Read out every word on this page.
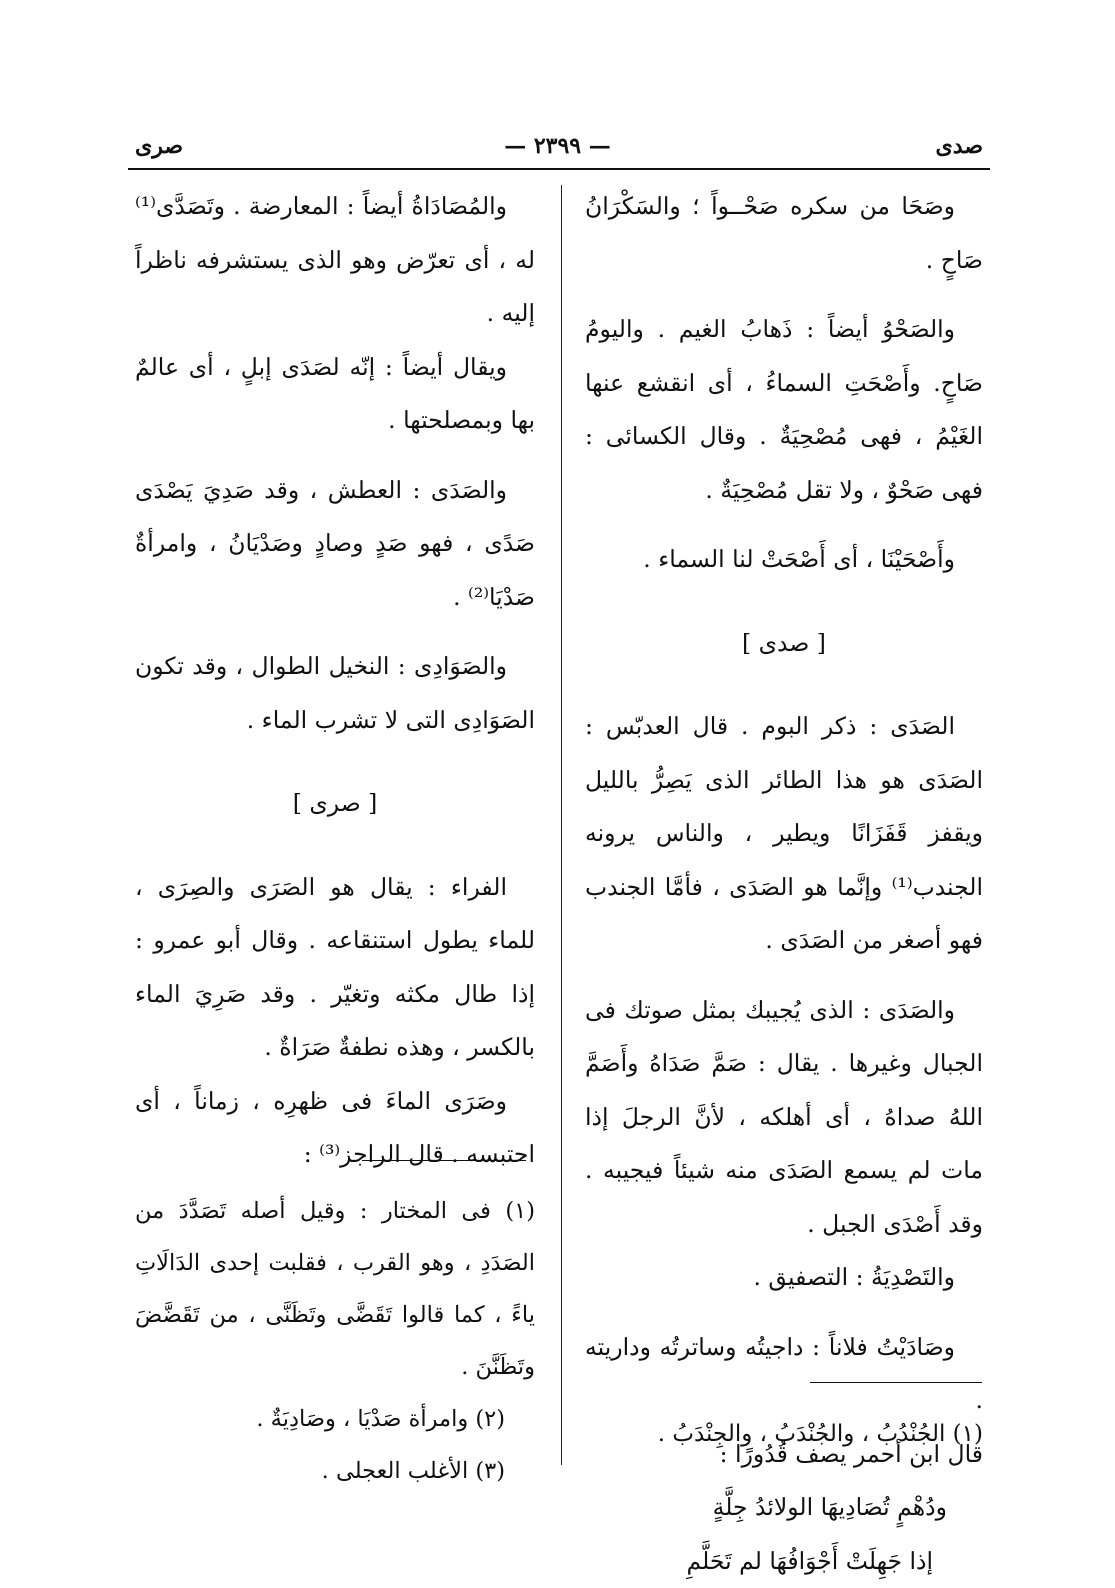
صدى
— ٢٣٩٩ —
صرى

وصَحَا من سكره صَحْــواً ؛ والسَكْرَانُ صَاحٍ .

والصَحْوُ أيضاً : ذَهابُ الغيم . واليومُ صَاحٍ. وأَصْحَتِ السماءُ ، أى انقشع عنها الغَيْمُ ، فهى مُصْحِيَةٌ . وقال الكسائى : فهى صَحْوٌ ، ولا تقل مُصْحِيَةٌ .

وأَصْحَيْنَا ، أى أَصْحَتْ لنا السماء .

[ صدى ]

الصَدَى : ذكر البوم . قال العدبّس : الصَدَى هو هذا الطائر الذى يَصِرُّ بالليل ويقفز قَفَزَانًا ويطير ، والناس يرونه الجندب⁽¹⁾ وإنَّما هو الصَدَى ، فأمَّا الجندب فهو أصغر من الصَدَى .

والصَدَى : الذى يُجيبك بمثل صوتك فى الجبال وغيرها . يقال : صَمَّ صَدَاهُ وأَصَمَّ اللهُ صداهُ ، أى أهلكه ، لأنَّ الرجلَ إذا مات لم يسمع الصَدَى منه شيئاً فيجيبه . وقد أَصْدَى الجبل .

والتَصْدِيَةُ : التصفيق .

وصَادَيْتُ فلاناً : داجيتُه وساترتُه وداريته .

قال ابن أحمر يصف قُدُورًا :

ودُهْمٍ تُصَادِيهَا الولائدُ جِلَّةٍ

إذا جَهِلَتْ أَجْوَافُهَا لم تَحَلَّمِ

(١) الجُنْدُبُ ، والجُنْدَبُ ، والجِنْدَبُ .

والمُصَادَاةُ أيضاً : المعارضة . وتَصَدَّى⁽¹⁾ له ، أى تعرّض وهو الذى يستشرفه ناظراً إليه .

ويقال أيضاً : إنّه لصَدَى إبلٍ ، أى عالمٌ بها وبمصلحتها .

والصَدَى : العطش ، وقد صَدِيَ يَصْدَى صَدًى ، فهو صَدٍ وصادٍ وصَدْيَانُ ، وامرأةٌ صَدْيَا⁽²⁾ .

والصَوَادِى : النخيل الطوال ، وقد تكون الصَوَادِى التى لا تشرب الماء .

[ صرى ]

الفراء : يقال هو الصَرَى والصِرَى ، للماء يطول استنقاعه . وقال أبو عمرو : إذا طال مكثه وتغيّر . وقد صَرِيَ الماء بالكسر ، وهذه نطفةٌ صَرَاةٌ .

وصَرَى الماءَ فى ظهرِه ، زماناً ، أى احتبسه . قال الراجز⁽³⁾ :

(١) فى المختار : وقيل أصله تَصَدَّدَ من الصَدَدِ ، وهو القرب ، فقلبت إحدى الدَالَاتِ ياءً ، كما قالوا تَقَضَّى وتَظَنَّى ، من تَقَضَّضَ وتَظَنَّنَ .

(٢) وامرأة صَدْيَا ، وصَادِيَةٌ .

(٣) الأغلب العجلى .
